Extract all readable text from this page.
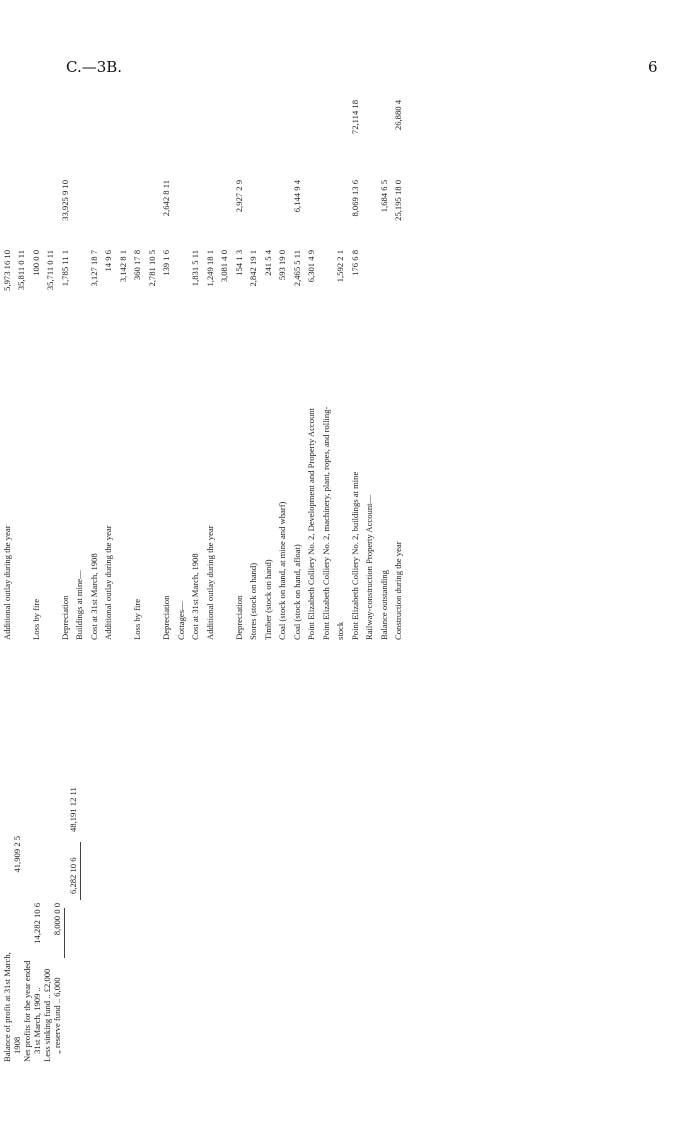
C.—3B.	6
Balance of profit at 31st March, 1908
41,909 2 5
Net profits for the year ended 31st March, 1909 ..
14,282 10 6
Less sinking fund .. £2,000 „ reserve fund .. 6,000
8,000 0 0
6,282 10 6
48,191 12 11
Additional outlay during the year
5,973 16 10 35,811 0 11
Loss by fire
100 0 0 35,711 0 11
Depreciation
1,785 11 1
33,925 9 10
Buildings at mine— Cost at 31st March, 1908
3,127 18 7
Additional outlay during the year
14 9 6 3,142 8 1
Loss by fire
360 17 8 2,781 10 5
Depreciation
139 1 6
2,642 8 11
Cottages— Cost at 31st March, 1908
1,831 5 11
Additional outlay during the year
1,249 18 1 3,081 4 0
Depreciation
154 1 3
2,927 2 9
Stores (stock on hand)
2,842 19 1
Timber (stock on hand)
241 5 4
Coal (stock on hand, at mine and wharf)
593 19 0
Coal (stock on hand, afloat)
2,465 5 11
6,144 9 4
Point Elizabeth Colliery No. 2, Development and Property Account
6,301 4 9
Point Elizabeth Colliery No. 2, machinery, plant, ropes, and rolling- stock
1,592 2 1
Point Elizabeth Colliery No. 2, buildings at mine
176 6 8
8,069 13 6
72,114 18
Railway-construction Property Account— Balance outstanding
1,684 6 5
Construction during the year
25,195 18 0
26,880 4
